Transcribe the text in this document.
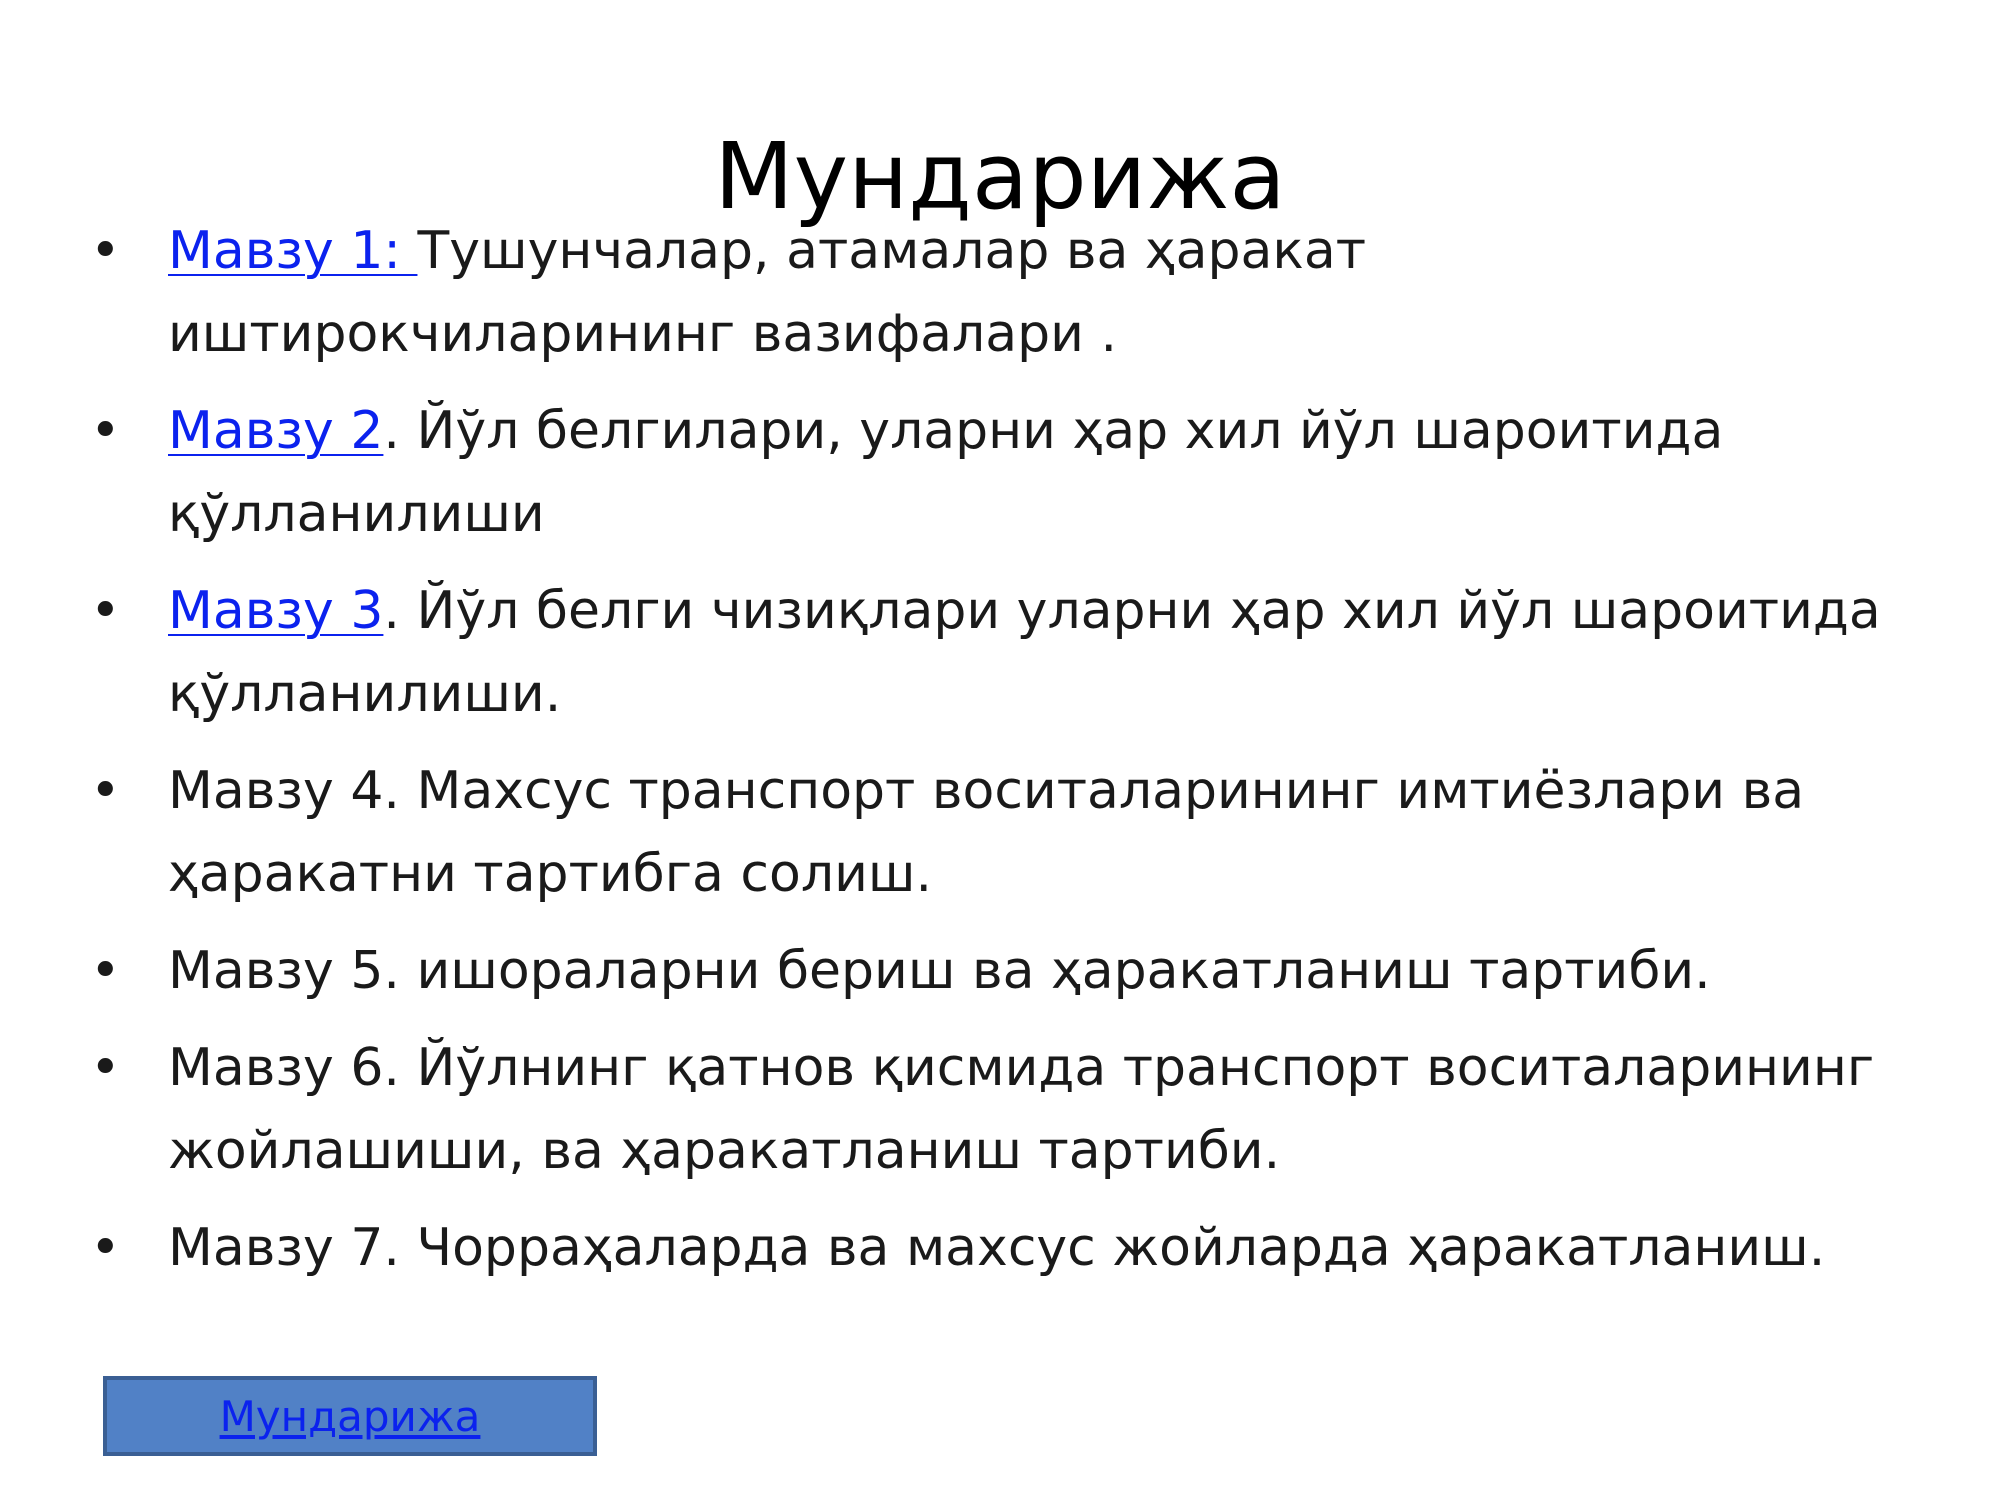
Мундарижа
• Мавзу 1: Тушунчалар, атамалар ва ҳаракат иштирокчиларининг вазифалари .
• Мавзу 2. Йўл белгилари, уларни ҳар хил йўл шароитида қўлланилиши
• Мавзу 3. Йўл белги чизиқлари уларни ҳар хил йўл шароитида қўлланилиши.
• Мавзу 4. Махсус транспорт воситаларининг имтиёзлари ва ҳаракатни тартибга солиш.
• Мавзу 5. ишораларни бериш ва ҳаракатланиш тартиби.
• Мавзу 6. Йўлнинг қатнов қисмида транспорт воситаларининг жойлашиши, ва ҳаракатланиш тартиби.
• Мавзу 7. Чорраҳаларда ва махсус жойларда ҳаракатланиш.
Мундарижа
